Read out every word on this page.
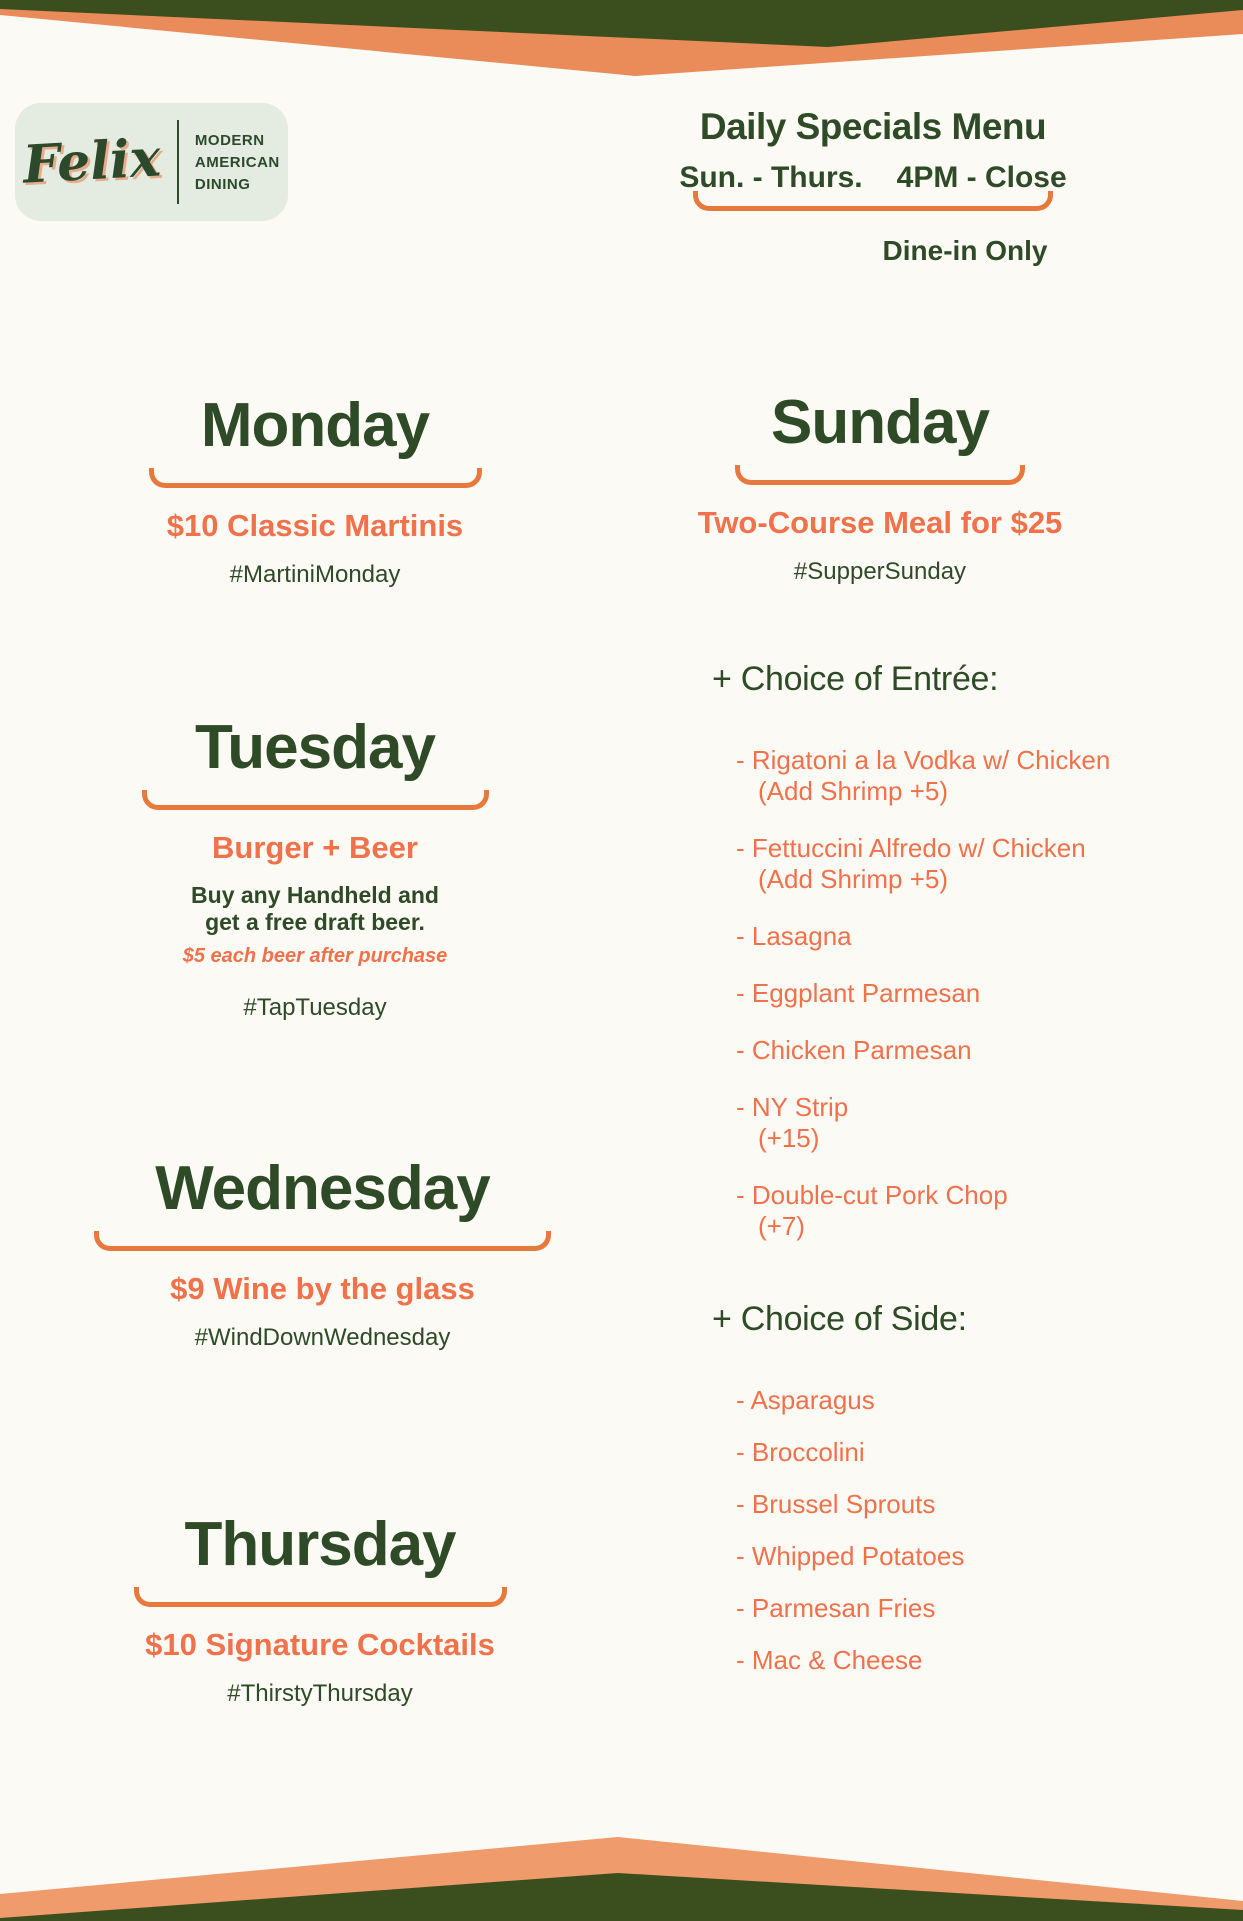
Felix MODERN
AMERICAN
DINING
Daily Specials Menu
Sun. - Thurs. 4PM - Close
Dine-in Only
Monday
$10 Classic Martinis
#MartiniMonday
Tuesday
Burger + Beer
Buy any Handheld and
get a free draft beer.
$5 each beer after purchase
#TapTuesday
Wednesday
$9 Wine by the glass
#WindDownWednesday
Thursday
$10 Signature Cocktails
#ThirstyThursday
Sunday
Two-Course Meal for $25
#SupperSunday
+ Choice of Entrée:
- Rigatoni a la Vodka w/ Chicken
(Add Shrimp +5)
- Fettuccini Alfredo w/ Chicken
(Add Shrimp +5)
- Lasagna
- Eggplant Parmesan
- Chicken Parmesan
- NY Strip
(+15)
- Double-cut Pork Chop
(+7)
+ Choice of Side:
- Asparagus
- Broccolini
- Brussel Sprouts
- Whipped Potatoes
- Parmesan Fries
- Mac & Cheese
